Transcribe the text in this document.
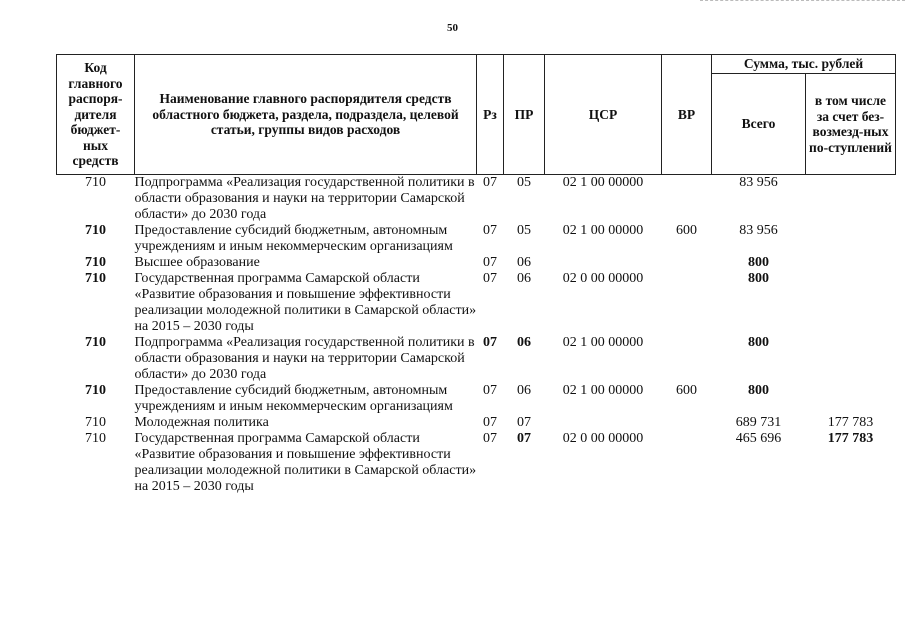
50
Код главного распоря-дителя бюджет-ных средств	Наименование главного распорядителя средств областного бюджета, раздела, подраздела, целевой статьи, группы видов расходов	Рз	ПР	ЦСР	ВР	Сумма, тыс. рублей	
						Всего	в том числе за счет без-возмезд-ных по-ступлений
710	Подпрограмма «Реализация государственной политики в области образования и науки на территории Самарской области» до 2030 года	07	05	02 1 00 00000		83 956	
710	Предоставление субсидий бюджетным, автономным учреждениям и иным некоммерческим организациям	07	05	02 1 00 00000	600	83 956	
710	Высшее образование	07	06			800	
710	Государственная программа Самарской области «Развитие образования и повышение эффективности реализации молодежной политики в Самарской области» на 2015 – 2030 годы	07	06	02 0 00 00000		800	
710	Подпрограмма «Реализация государственной политики в области образования и науки на территории Самарской области» до 2030 года	07	06	02 1 00 00000		800	
710	Предоставление субсидий бюджетным, автономным учреждениям и иным некоммерческим организациям	07	06	02 1 00 00000	600	800	
710	Молодежная политика	07	07			689 731	177 783
710	Государственная программа Самарской области «Развитие образования и повышение эффективности реализации молодежной политики в Самарской области» на 2015 – 2030 годы	07	07	02 0 00 00000		465 696	177 783
